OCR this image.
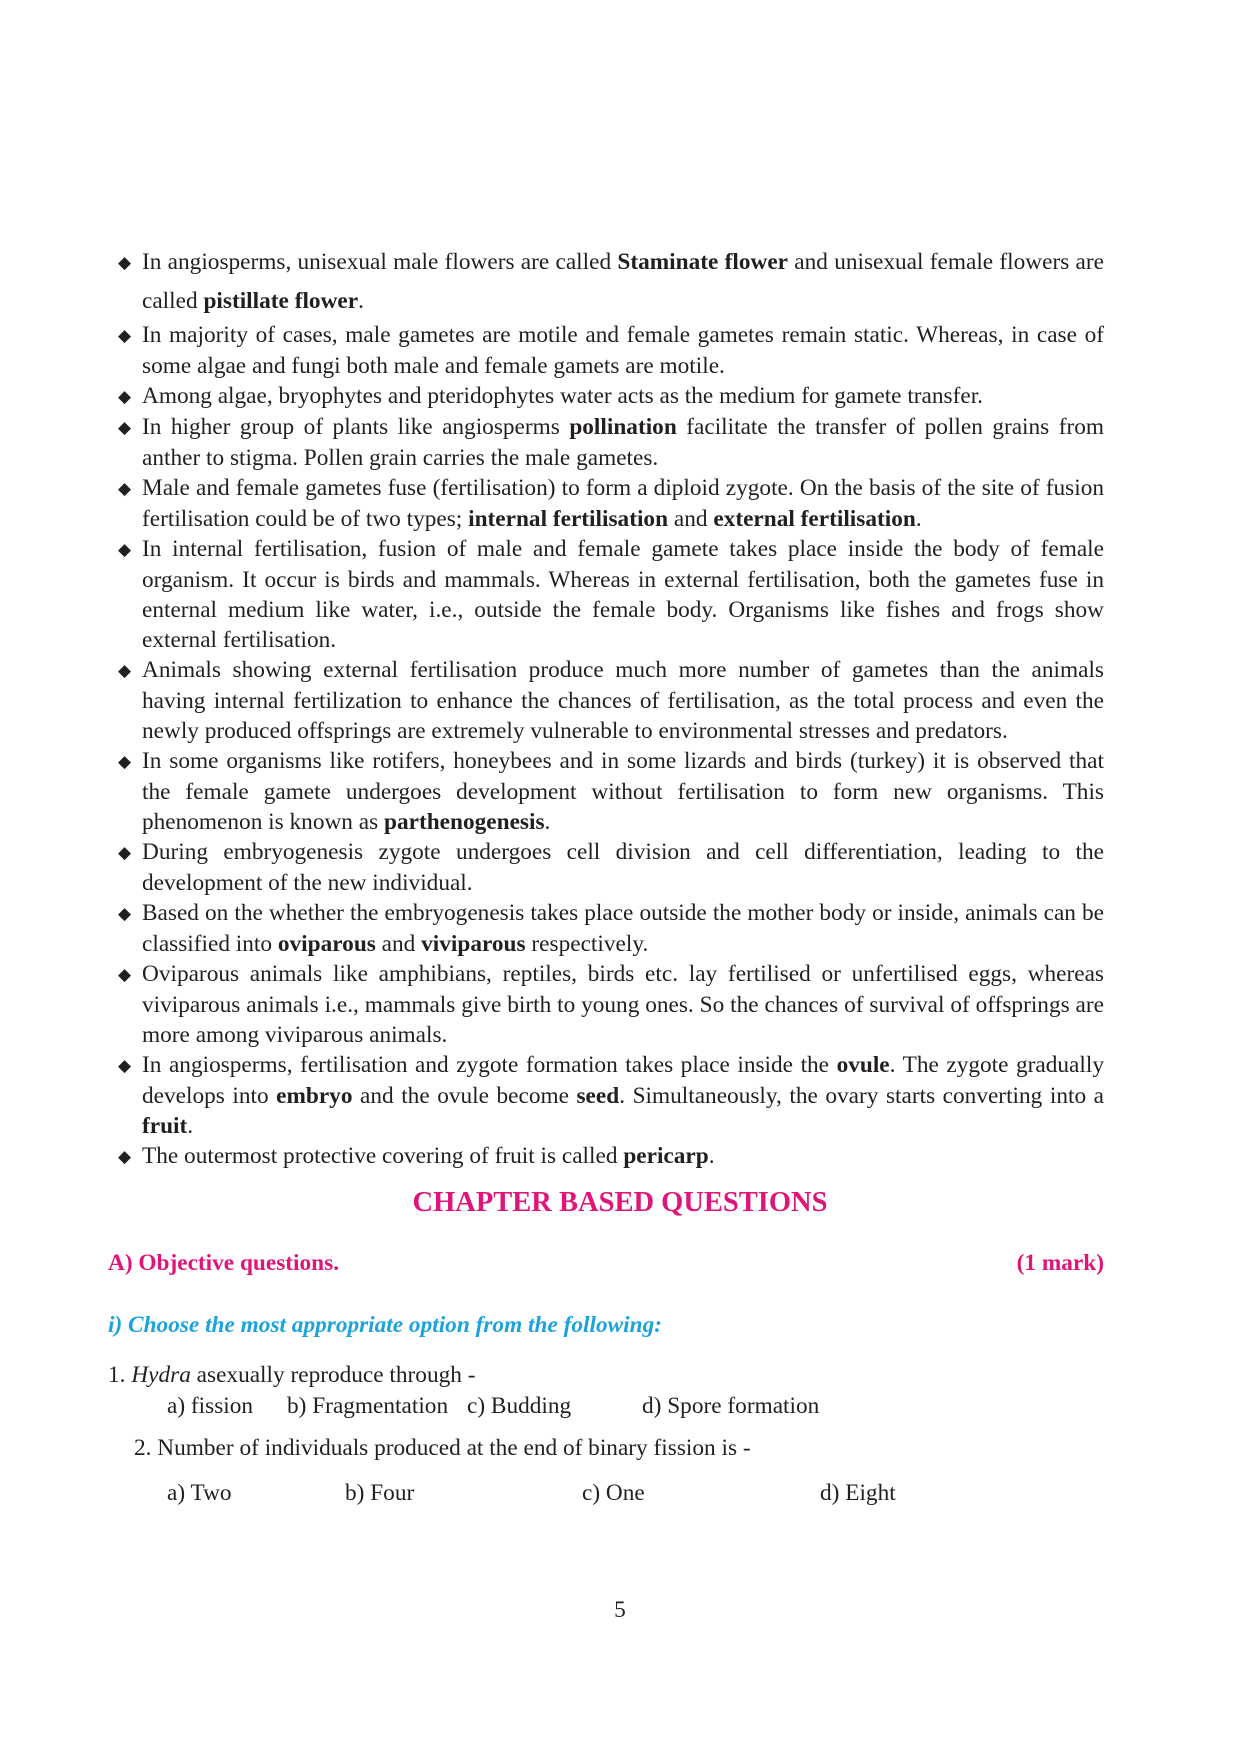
◆ In angiosperms, unisexual male flowers are called Staminate flower and unisexual female flowers are called pistillate flower.
◆ In majority of cases, male gametes are motile and female gametes remain static. Whereas, in case of some algae and fungi both male and female gamets are motile.
◆ Among algae, bryophytes and pteridophytes water acts as the medium for gamete transfer.
◆ In higher group of plants like angiosperms pollination facilitate the transfer of pollen grains from anther to stigma. Pollen grain carries the male gametes.
◆ Male and female gametes fuse (fertilisation) to form a diploid zygote. On the basis of the site of fusion fertilisation could be of two types; internal fertilisation and external fertilisation.
◆ In internal fertilisation, fusion of male and female gamete takes place inside the body of female organism. It occur is birds and mammals. Whereas in external fertilisation, both the gametes fuse in enternal medium like water, i.e., outside the female body. Organisms like fishes and frogs show external fertilisation.
◆ Animals showing external fertilisation produce much more number of gametes than the animals having internal fertilization to enhance the chances of fertilisation, as the total process and even the newly produced offsprings are extremely vulnerable to environmental stresses and predators.
◆ In some organisms like rotifers, honeybees and in some lizards and birds (turkey) it is observed that the female gamete undergoes development without fertilisation to form new organisms. This phenomenon is known as parthenogenesis.
◆ During embryogenesis zygote undergoes cell division and cell differentiation, leading to the development of the new individual.
◆ Based on the whether the embryogenesis takes place outside the mother body or inside, animals can be classified into oviparous and viviparous respectively.
◆ Oviparous animals like amphibians, reptiles, birds etc. lay fertilised or unfertilised eggs, whereas viviparous animals i.e., mammals give birth to young ones. So the chances of survival of offsprings are more among viviparous animals.
◆ In angiosperms, fertilisation and zygote formation takes place inside the ovule. The zygote gradually develops into embryo and the ovule become seed. Simultaneously, the ovary starts converting into a fruit.
◆ The outermost protective covering of fruit is called pericarp.
CHAPTER BASED QUESTIONS
A) Objective questions.	(1 mark)

i) Choose the most appropriate option from the following:

1. Hydra asexually reproduce through -
a) fission b) Fragmentation c) Budding	d) Spore formation
2. Number of individuals produced at the end of binary fission is -
a) Two	b) Four	c) One	d) Eight
5
